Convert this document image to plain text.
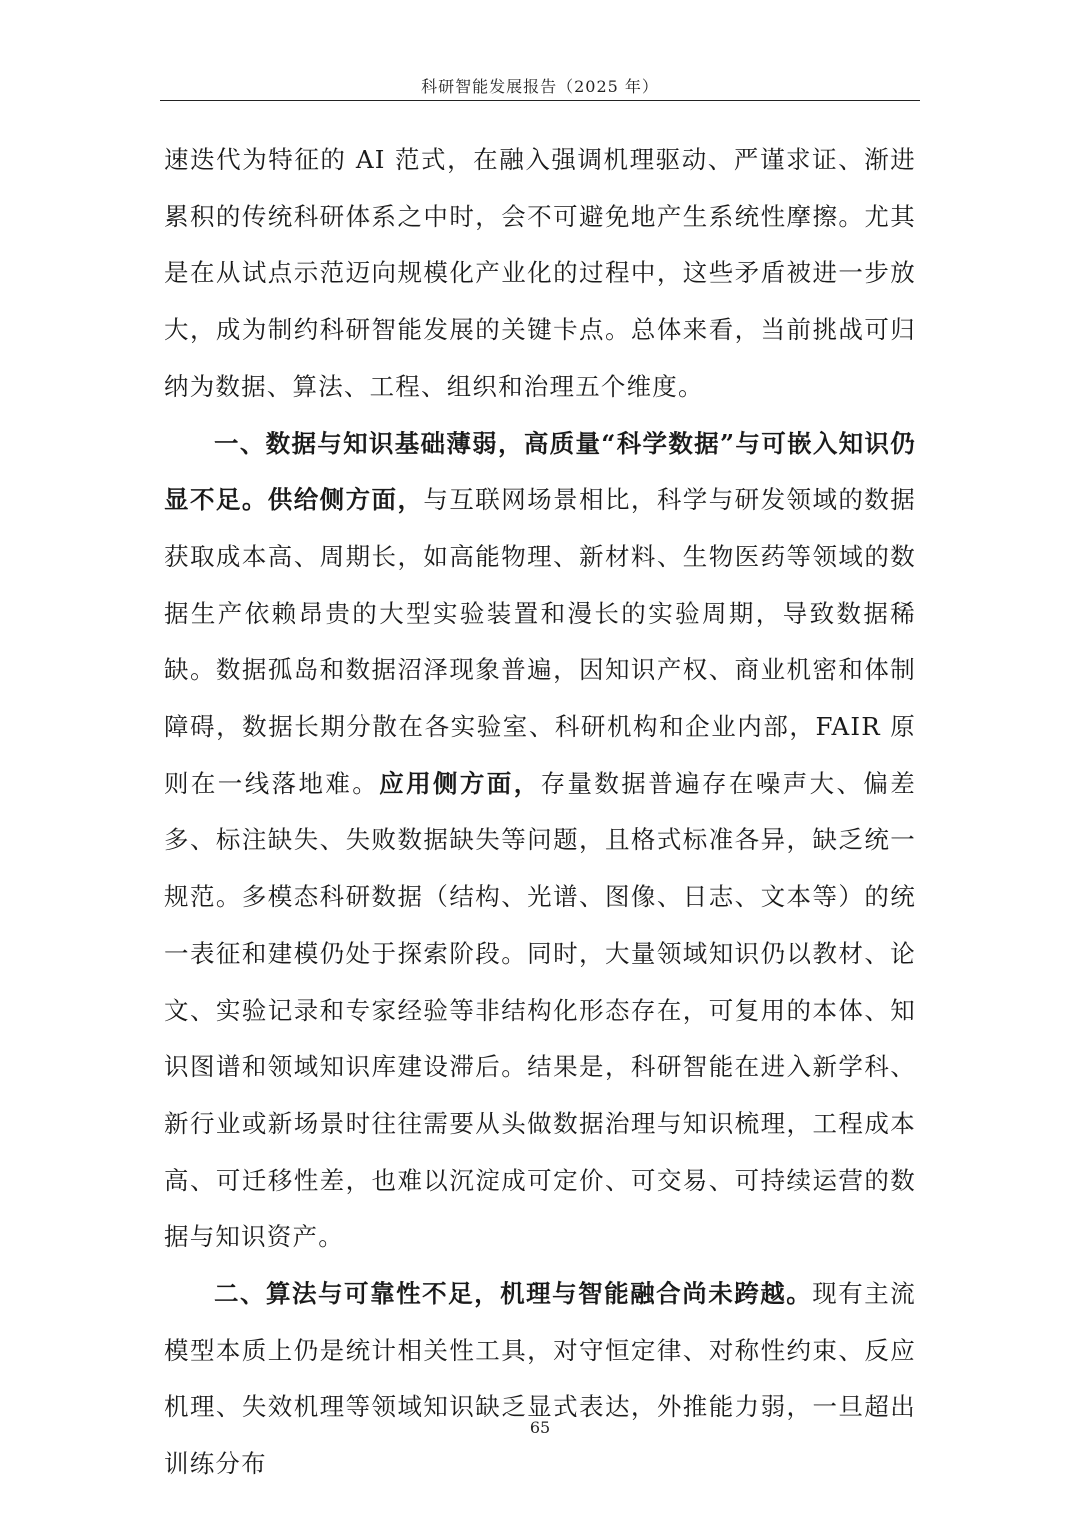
科研智能发展报告（2025 年）

速迭代为特征的 AI 范式，在融入强调机理驱动、严谨求证、渐进累积的传统科研体系之中时，会不可避免地产生系统性摩擦。尤其是在从试点示范迈向规模化产业化的过程中，这些矛盾被进一步放大，成为制约科研智能发展的关键卡点。总体来看，当前挑战可归纳为数据、算法、工程、组织和治理五个维度。

一、数据与知识基础薄弱，高质量“科学数据”与可嵌入知识仍显不足。供给侧方面，与互联网场景相比，科学与研发领域的数据获取成本高、周期长，如高能物理、新材料、生物医药等领域的数据生产依赖昂贵的大型实验装置和漫长的实验周期，导致数据稀缺。数据孤岛和数据沼泽现象普遍，因知识产权、商业机密和体制障碍，数据长期分散在各实验室、科研机构和企业内部，FAIR 原则在一线落地难。应用侧方面，存量数据普遍存在噪声大、偏差多、标注缺失、失败数据缺失等问题，且格式标准各异，缺乏统一规范。多模态科研数据（结构、光谱、图像、日志、文本等）的统一表征和建模仍处于探索阶段。同时，大量领域知识仍以教材、论文、实验记录和专家经验等非结构化形态存在，可复用的本体、知识图谱和领域知识库建设滞后。结果是，科研智能在进入新学科、新行业或新场景时往往需要从头做数据治理与知识梳理，工程成本高、可迁移性差，也难以沉淀成可定价、可交易、可持续运营的数据与知识资产。

二、算法与可靠性不足，机理与智能融合尚未跨越。现有主流模型本质上仍是统计相关性工具，对守恒定律、对称性约束、反应机理、失效机理等领域知识缺乏显式表达，外推能力弱，一旦超出训练分布

65
